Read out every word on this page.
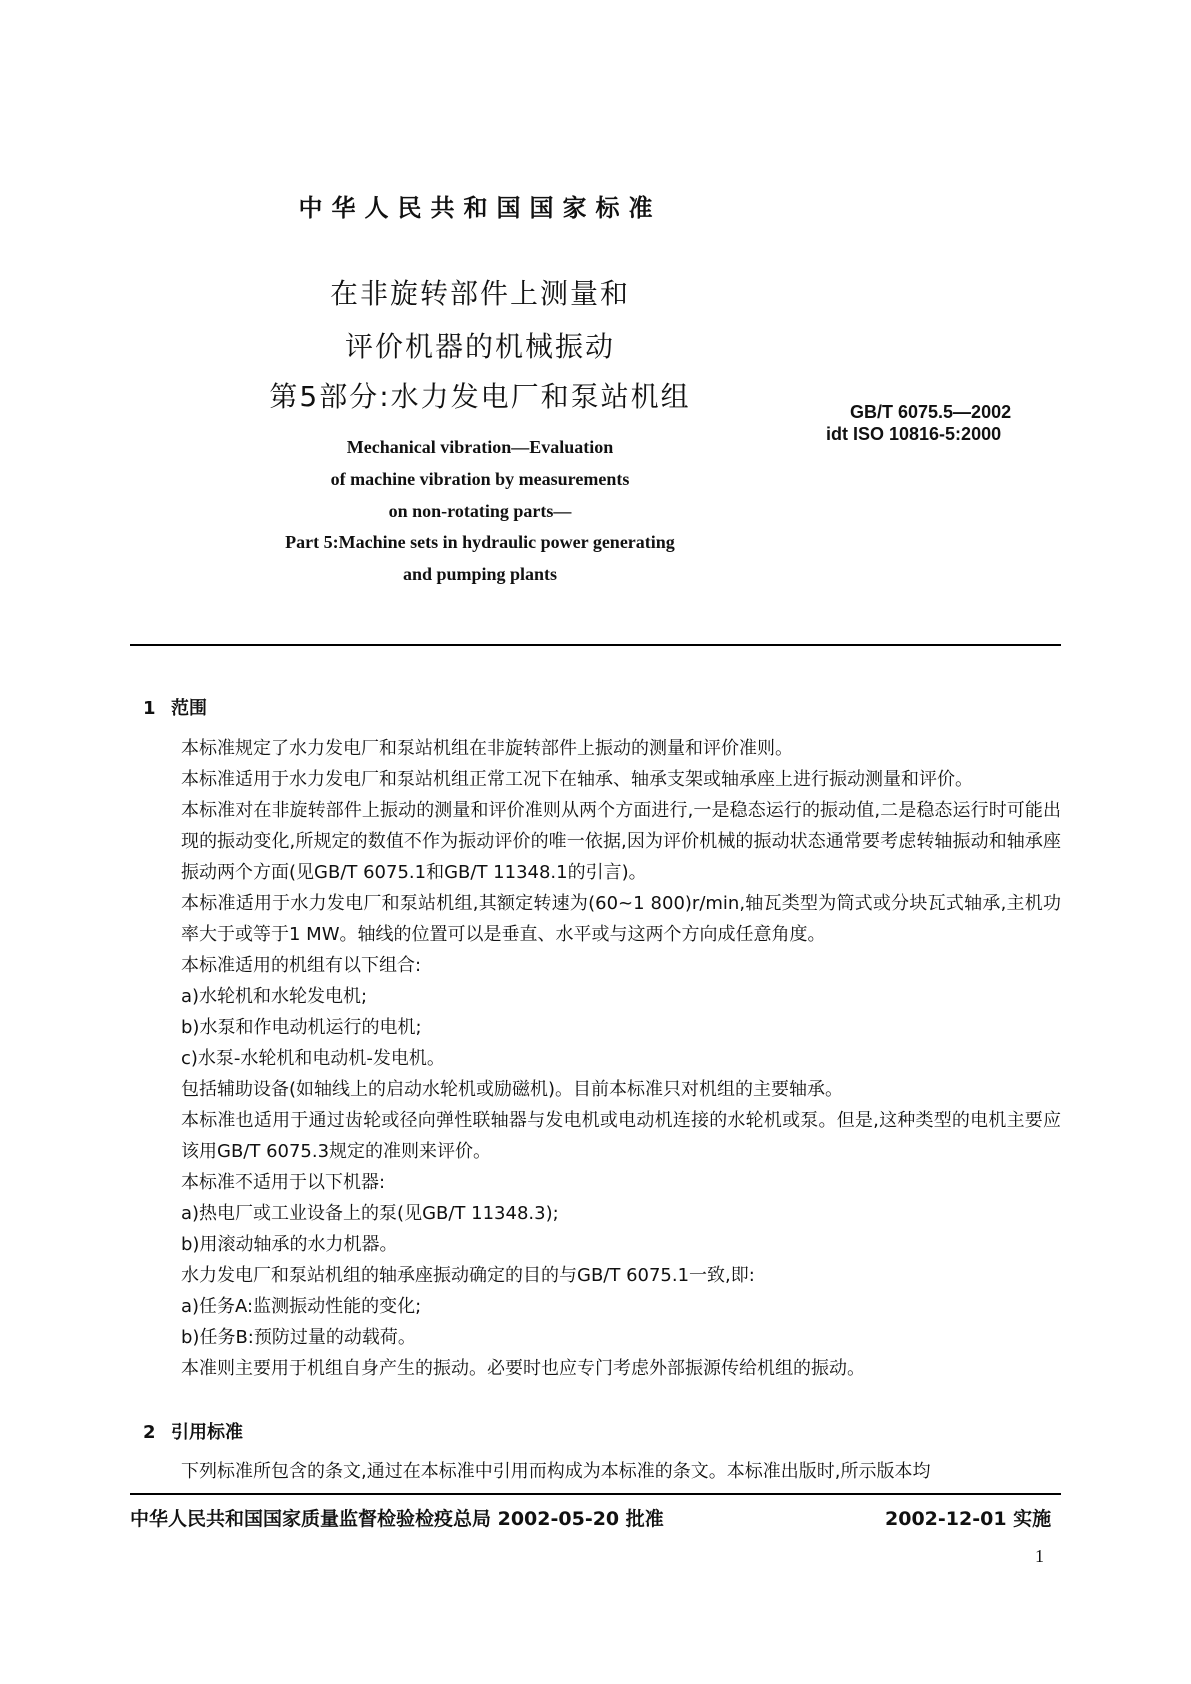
中华人民共和国国家标准
在非旋转部件上测量和
评价机器的机械振动
第5部分:水力发电厂和泵站机组	GB/T 6075.5—2002
idt ISO 10816-5:2000
Mechanical vibration—Evaluation
of machine vibration by measurements
on non-rotating parts—
Part 5:Machine sets in hydraulic power generating
and pumping plants
1 范围

本标准规定了水力发电厂和泵站机组在非旋转部件上振动的测量和评价准则。

本标准适用于水力发电厂和泵站机组正常工况下在轴承、轴承支架或轴承座上进行振动测量和评价。

本标准对在非旋转部件上振动的测量和评价准则从两个方面进行,一是稳态运行的振动值,二是稳态运行时可能出现的振动变化,所规定的数值不作为振动评价的唯一依据,因为评价机械的振动状态通常要考虑转轴振动和轴承座振动两个方面(见GB/T 6075.1和GB/T 11348.1的引言)。

本标准适用于水力发电厂和泵站机组,其额定转速为(60~1 800)r/min,轴瓦类型为筒式或分块瓦式轴承,主机功率大于或等于1 MW。轴线的位置可以是垂直、水平或与这两个方向成任意角度。

本标准适用的机组有以下组合:

a)水轮机和水轮发电机;

b)水泵和作电动机运行的电机;

c)水泵-水轮机和电动机-发电机。

包括辅助设备(如轴线上的启动水轮机或励磁机)。目前本标准只对机组的主要轴承。

本标准也适用于通过齿轮或径向弹性联轴器与发电机或电动机连接的水轮机或泵。但是,这种类型的电机主要应该用GB/T 6075.3规定的准则来评价。

本标准不适用于以下机器:

a)热电厂或工业设备上的泵(见GB/T 11348.3);

b)用滚动轴承的水力机器。

水力发电厂和泵站机组的轴承座振动确定的目的与GB/T 6075.1一致,即:

a)任务A:监测振动性能的变化;

b)任务B:预防过量的动载荷。

本准则主要用于机组自身产生的振动。必要时也应专门考虑外部振源传给机组的振动。

2 引用标准

下列标准所包含的条文,通过在本标准中引用而构成为本标准的条文。本标准出版时,所示版本均

中华人民共和国国家质量监督检验检疫总局 2002-05-20 批准	2002-12-01 实施
1
